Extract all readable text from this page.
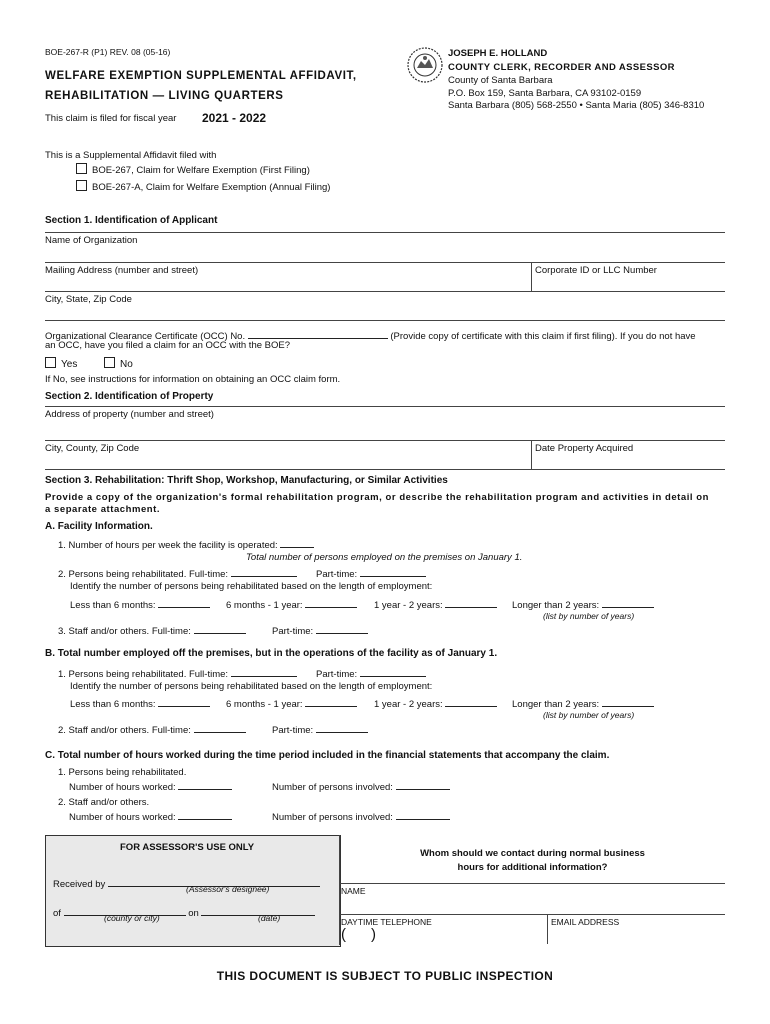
BOE-267-R (P1) REV. 08 (05-16)
WELFARE EXEMPTION SUPPLEMENTAL AFFIDAVIT,
REHABILITATION — LIVING QUARTERS
This claim is filed for fiscal year 2021 - 2022
JOSEPH E. HOLLAND
COUNTY CLERK, RECORDER AND ASSESSOR
County of Santa Barbara
P.O. Box 159, Santa Barbara, CA 93102-0159
Santa Barbara (805) 568-2550 • Santa Maria (805) 346-8310
This is a Supplemental Affidavit filed with
BOE-267, Claim for Welfare Exemption (First Filing)
BOE-267-A, Claim for Welfare Exemption (Annual Filing)
Section 1. Identification of Applicant
Name of Organization
Mailing Address (number and street)	Corporate ID or LLC Number
City, State, Zip Code
Organizational Clearance Certificate (OCC) No.	(Provide copy of certificate with this claim if first filing). If you do not have
an OCC, have you filed a claim for an OCC with the BOE?
Yes	No
If No, see instructions for information on obtaining an OCC claim form.
Section 2. Identification of Property
Address of property (number and street)
City, County, Zip Code	Date Property Acquired
Section 3. Rehabilitation: Thrift Shop, Workshop, Manufacturing, or Similar Activities
Provide a copy of the organization's formal rehabilitation program, or describe the rehabilitation program and activities in detail on
a separate attachment.
A. Facility Information.
1. Number of hours per week the facility is operated:
Total number of persons employed on the premises on January 1.
2. Persons being rehabilitated. Full-time:	Part-time:
Identify the number of persons being rehabilitated based on the length of employment:
Less than 6 months:	6 months - 1 year:	1 year - 2 years:	Longer than 2 years:
(list by number of years)
3. Staff and/or others. Full-time:	Part-time:
B. Total number employed off the premises, but in the operations of the facility as of January 1.
1. Persons being rehabilitated. Full-time:	Part-time:
Identify the number of persons being rehabilitated based on the length of employment:
Less than 6 months:	6 months - 1 year:	1 year - 2 years:	Longer than 2 years:
(list by number of years)
2. Staff and/or others. Full-time:	Part-time:
C. Total number of hours worked during the time period included in the financial statements that accompany the claim.
1. Persons being rehabilitated.
Number of hours worked:	Number of persons involved:
2. Staff and/or others.
Number of hours worked:	Number of persons involved:
FOR ASSESSOR'S USE ONLY
Received by	(Assessor's designee)
of	on
(county or city)	(date)
Whom should we contact during normal business
hours for additional information?
NAME
DAYTIME TELEPHONE
( )
EMAIL ADDRESS
THIS DOCUMENT IS SUBJECT TO PUBLIC INSPECTION
